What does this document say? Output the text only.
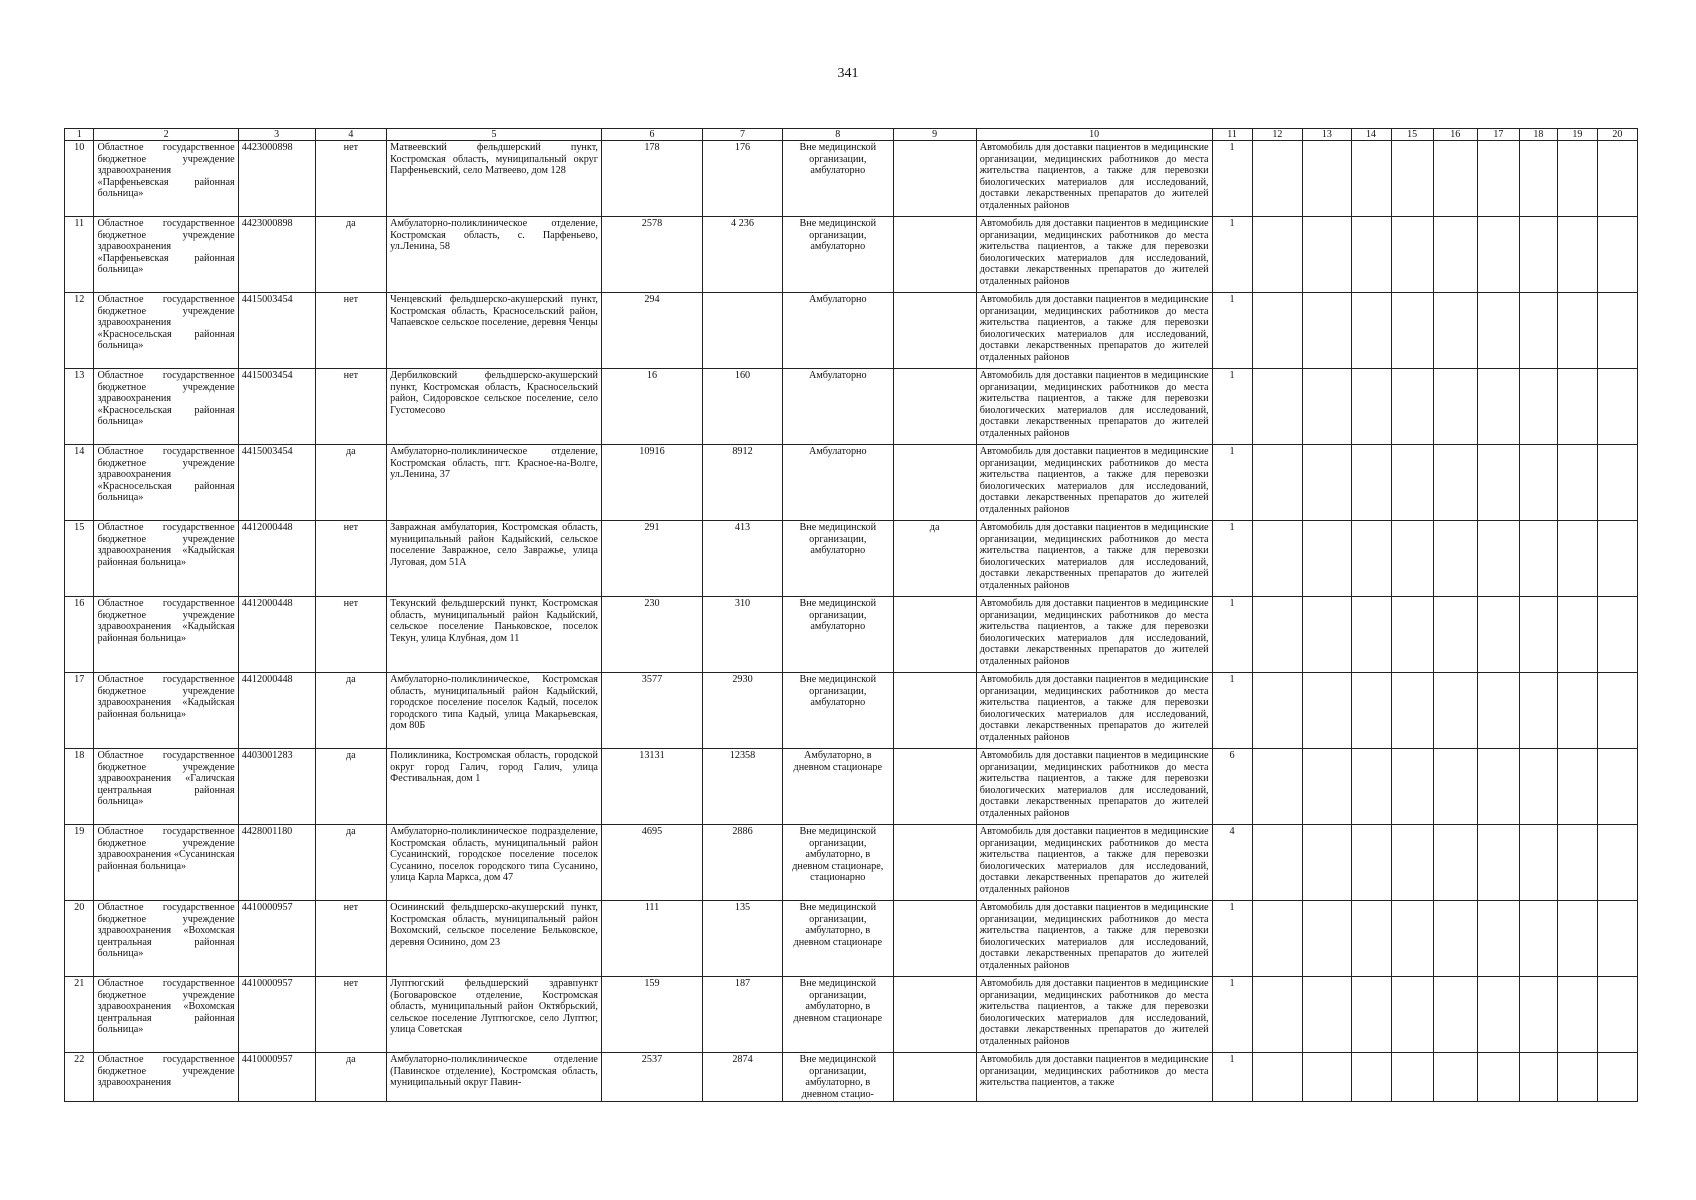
341
1	2	3	4	5	6	7	8	9	10	11	12	13	14	15	16	17	18	19	20
10	Областное государственное бюджетное учреждение здравоохранения «Парфеньевская районная больница»	4423000898	нет	Матвеевский фельдшерский пункт, Костромская область, муниципальный округ Парфеньевский, село Матвеево, дом 128	178	176	Вне медицинской организации, амбулаторно		Автомобиль для доставки пациентов в медицинские организации, медицинских работников до места жительства пациентов, а также для перевозки биологических материалов для исследований, доставки лекарственных препаратов до жителей отдаленных районов	1									
11	Областное государственное бюджетное учреждение здравоохранения «Парфеньевская районная больница»	4423000898	да	Амбулаторно-поликлиническое отделение, Костромская область, с. Парфеньево, ул.Ленина, 58	2578	4 236	Вне медицинской организации, амбулаторно		Автомобиль для доставки пациентов в медицинские организации, медицинских работников до места жительства пациентов, а также для перевозки биологических материалов для исследований, доставки лекарственных препаратов до жителей отдаленных районов	1									
12	Областное государственное бюджетное учреждение здравоохранения «Красносельская районная больница»	4415003454	нет	Ченцевский фельдшерско-акушерский пункт, Костромская область, Красносельский район, Чапаевское сельское поселение, деревня Ченцы	294		Амбулаторно		Автомобиль для доставки пациентов в медицинские организации, медицинских работников до места жительства пациентов, а также для перевозки биологических материалов для исследований, доставки лекарственных препаратов до жителей отдаленных районов	1									
13	Областное государственное бюджетное учреждение здравоохранения «Красносельская районная больница»	4415003454	нет	Дербилковский фельдшерско-акушерский пункт, Костромская область, Красносельский район, Сидоровское сельское поселение, село Густомесово	16	160	Амбулаторно		Автомобиль для доставки пациентов в медицинские организации, медицинских работников до места жительства пациентов, а также для перевозки биологических материалов для исследований, доставки лекарственных препаратов до жителей отдаленных районов	1									
14	Областное государственное бюджетное учреждение здравоохранения «Красносельская районная больница»	4415003454	да	Амбулаторно-поликлиническое отделение, Костромская область, пгт. Красное-на-Волге, ул.Ленина, 37	10916	8912	Амбулаторно		Автомобиль для доставки пациентов в медицинские организации, медицинских работников до места жительства пациентов, а также для перевозки биологических материалов для исследований, доставки лекарственных препаратов до жителей отдаленных районов	1									
15	Областное государственное бюджетное учреждение здравоохранения «Кадыйская районная больница»	4412000448	нет	Завражная амбулатория, Костромская область, муниципальный район Кадыйский, сельское поселение Завражное, село Завражье, улица Луговая, дом 51А	291	413	Вне медицинской организации, амбулаторно	да	Автомобиль для доставки пациентов в медицинские организации, медицинских работников до места жительства пациентов, а также для перевозки биологических материалов для исследований, доставки лекарственных препаратов до жителей отдаленных районов	1									
16	Областное государственное бюджетное учреждение здравоохранения «Кадыйская районная больница»	4412000448	нет	Текунский фельдшерский пункт, Костромская область, муниципальный район Кадыйский, сельское поселение Паньковское, поселок Текун, улица Клубная, дом 11	230	310	Вне медицинской организации, амбулаторно		Автомобиль для доставки пациентов в медицинские организации, медицинских работников до места жительства пациентов, а также для перевозки биологических материалов для исследований, доставки лекарственных препаратов до жителей отдаленных районов	1									
17	Областное государственное бюджетное учреждение здравоохранения «Кадыйская районная больница»	4412000448	да	Амбулаторно-поликлиническое, Костромская область, муниципальный район Кадыйский, городское поселение поселок Кадый, поселок городского типа Кадый, улица Макарьевская, дом 80Б	3577	2930	Вне медицинской организации, амбулаторно		Автомобиль для доставки пациентов в медицинские организации, медицинских работников до места жительства пациентов, а также для перевозки биологических материалов для исследований, доставки лекарственных препаратов до жителей отдаленных районов	1									
18	Областное государственное бюджетное учреждение здравоохранения «Галичская центральная районная больница»	4403001283	да	Поликлиника, Костромская область, городской округ город Галич, город Галич, улица Фестивальная, дом 1	13131	12358	Амбулаторно, в дневном стационаре		Автомобиль для доставки пациентов в медицинские организации, медицинских работников до места жительства пациентов, а также для перевозки биологических материалов для исследований, доставки лекарственных препаратов до жителей отдаленных районов	6									
19	Областное государственное бюджетное учреждение здравоохранения «Сусанинская районная больница»	4428001180	да	Амбулаторно-поликлиническое подразделение, Костромская область, муниципальный район Сусанинский, городское поселение поселок Сусанино, поселок городского типа Сусанино, улица Карла Маркса, дом 47	4695	2886	Вне медицинской организации, амбулаторно, в дневном стационаре, стационарно		Автомобиль для доставки пациентов в медицинские организации, медицинских работников до места жительства пациентов, а также для перевозки биологических материалов для исследований, доставки лекарственных препаратов до жителей отдаленных районов	4									
20	Областное государственное бюджетное учреждение здравоохранения «Вохомская центральная районная больница»	4410000957	нет	Осининский фельдшерско-акушерский пункт, Костромская область, муниципальный район Вохомский, сельское поселение Бельковское, деревня Осинино, дом 23	111	135	Вне медицинской организации, амбулаторно, в дневном стационаре		Автомобиль для доставки пациентов в медицинские организации, медицинских работников до места жительства пациентов, а также для перевозки биологических материалов для исследований, доставки лекарственных препаратов до жителей отдаленных районов	1									
21	Областное государственное бюджетное учреждение здравоохранения «Вохомская центральная районная больница»	4410000957	нет	Луптюгский фельдшерский здравпункт (Боговаровское отделение, Костромская область, муниципальный район Октябрьский, сельское поселение Луптюгское, село Луптюг, улица Советская	159	187	Вне медицинской организации, амбулаторно, в дневном стационаре		Автомобиль для доставки пациентов в медицинские организации, медицинских работников до места жительства пациентов, а также для перевозки биологических материалов для исследований, доставки лекарственных препаратов до жителей отдаленных районов	1									
22	Областное государственное бюджетное учреждение здравоохранения	4410000957	да	Амбулаторно-поликлиническое отделение (Павинское отделение), Костромская область, муниципальный округ Павин-	2537	2874	Вне медицинской организации, амбулаторно, в дневном стацио-		Автомобиль для доставки пациентов в медицинские организации, медицинских работников до места жительства пациентов, а также	1									
